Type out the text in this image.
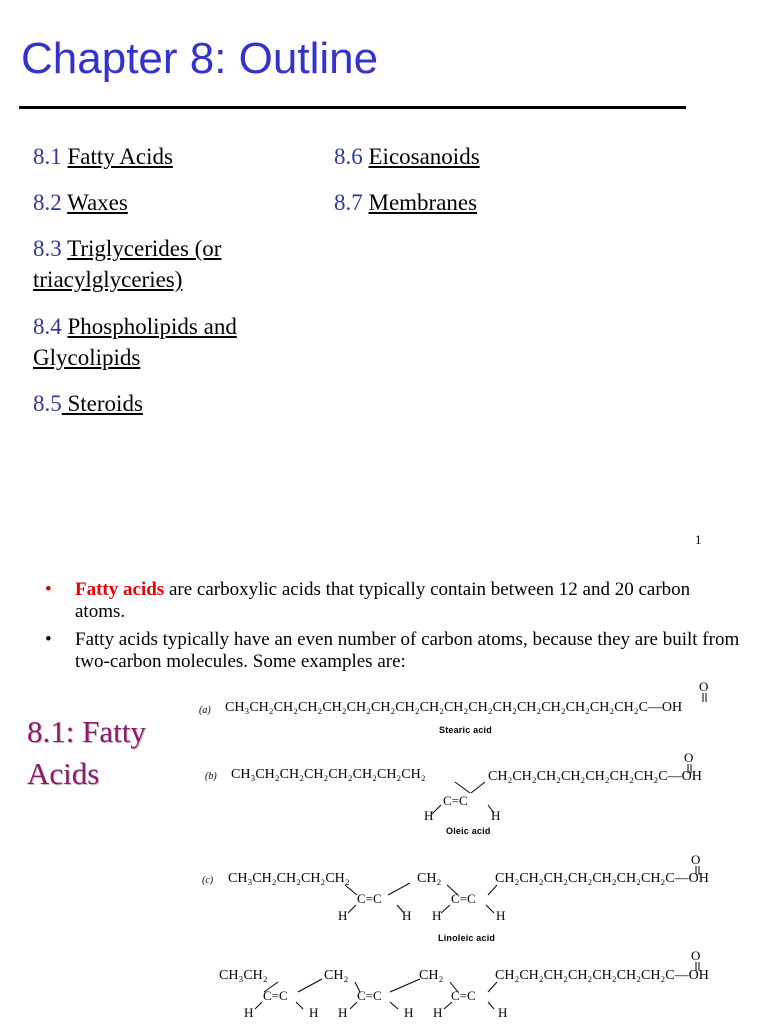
Chapter 8: Outline
8.1 Fatty Acids
8.2 Waxes
8.3 Triglycerides (or
triacylglyceries)
8.4 Phospholipids and
Glycolipids
8.5 Steroids
8.6 Eicosanoids
8.7 Membranes
1
• Fatty acids are carboxylic acids that typically contain between 12 and 20 carbon atoms.
• Fatty acids typically have an even number of carbon atoms, because they are built from two-carbon molecules. Some examples are:
8.1: Fatty
Acids
(a)
O
CH₃CH₂CH₂CH₂CH₂CH₂CH₂CH₂CH₂CH₂CH₂CH₂CH₂CH₂CH₂CH₂CH₂C—OH
Stearic acid
(b)
O
CH₃CH₂CH₂CH₂CH₂CH₂CH₂CH₂	CH₂CH₂CH₂CH₂CH₂CH₂CH₂C—OH
C=C
H	H
Oleic acid
(c)
O
CH₃CH₂CH₂CH₂CH₂	CH₂	CH₂CH₂CH₂CH₂CH₂CH₂CH₂C—OH
C=C	C=C
H	H H	H
Linoleic acid
O
CH₃CH₂	CH₂	CH₂	CH₂CH₂CH₂CH₂CH₂CH₂CH₂C—OH
C=C	C=C	C=C
H	H H	H H	H
